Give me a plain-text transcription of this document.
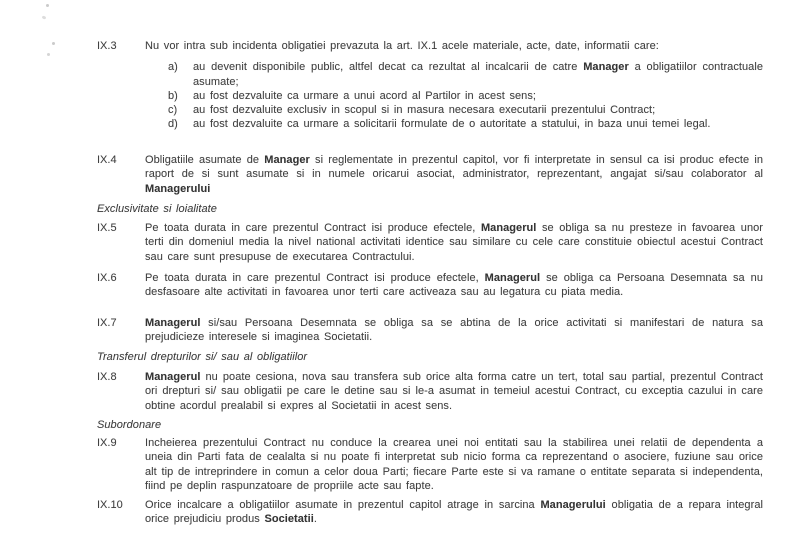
IX.3	Nu vor intra sub incidenta obligatiei prevazuta la art. IX.1 acele materiale, acte, date, informatii care:

a)	au devenit disponibile public, altfel decat ca rezultat al incalcarii de catre Manager a obligatiilor contractuale asumate;

b)	au fost dezvaluite ca urmare a unui acord al Partilor in acest sens;

c)	au fost dezvaluite exclusiv in scopul si in masura necesara executarii prezentului Contract;

d)	au fost dezvaluite ca urmare a solicitarii formulate de o autoritate a statului, in baza unui temei legal.

IX.4	Obligatiile asumate de Manager si reglementate in prezentul capitol, vor fi interpretate in sensul ca isi produc efecte in raport de si sunt asumate si in numele oricarui asociat, administrator, reprezentant, angajat si/sau colaborator al Managerului

Exclusivitate si loialitate
IX.5	Pe toata durata in care prezentul Contract isi produce efectele, Managerul se obliga sa nu presteze in favoarea unor terti din domeniul media la nivel national activitati identice sau similare cu cele care constituie obiectul acestui Contract sau care sunt presupuse de executarea Contractului.

IX.6	Pe toata durata in care prezentul Contract isi produce efectele, Managerul se obliga ca Persoana Desemnata sa nu desfasoare alte activitati in favoarea unor terti care activeaza sau au legatura cu piata media.

IX.7	Managerul si/sau Persoana Desemnata se obliga sa se abtina de la orice activitati si manifestari de natura sa prejudicieze interesele si imaginea Societatii.

Transferul drepturilor si/ sau al obligatiilor
IX.8	Managerul nu poate cesiona, nova sau transfera sub orice alta forma catre un tert, total sau partial, prezentul Contract ori drepturi si/ sau obligatii pe care le detine sau si le-a asumat in temeiul acestui Contract, cu exceptia cazului in care obtine acordul prealabil si expres al Societatii in acest sens.

Subordonare
IX.9	Incheierea prezentului Contract nu conduce la crearea unei noi entitati sau la stabilirea unei relatii de dependenta a uneia din Parti fata de cealalta si nu poate fi interpretat sub nicio forma ca reprezentand o asociere, fuziune sau orice alt tip de intreprindere in comun a celor doua Parti; fiecare Parte este si va ramane o entitate separata si independenta, fiind pe deplin raspunzatoare de propriile acte sau fapte.

IX.10	Orice incalcare a obligatiilor asumate in prezentul capitol atrage in sarcina Managerului obligatia de a repara integral orice prejudiciu produs Societatii.
